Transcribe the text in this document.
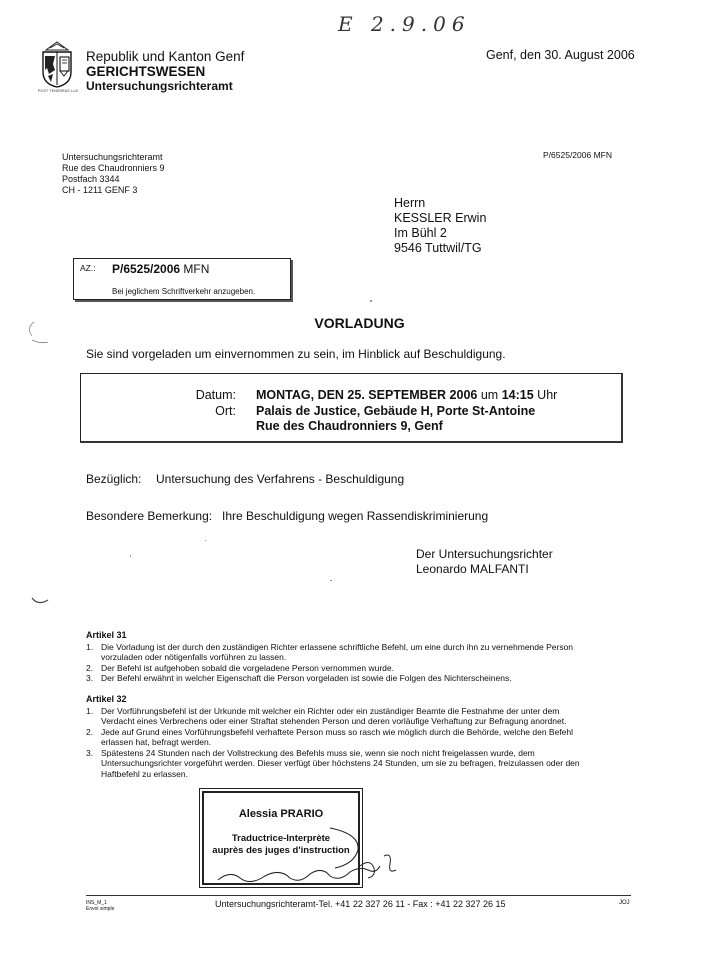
E 2.9.06
POST TENEBRAS LUX
Republik und Kanton Genf
GERICHTSWESEN
Untersuchungsrichteramt
Genf, den 30. August 2006
Untersuchungsrichteramt
Rue des Chaudronniers 9
Postfach 3344
CH - 1211 GENF 3
P/6525/2006 MFN
Herrn
KESSLER Erwin
Im Bühl 2
9546 Tuttwil/TG
AZ.: P/6525/2006 MFN
Bei jeglichem Schriftverkehr anzugeben.
VORLADUNG
Sie sind vorgeladen um einvernommen zu sein, im Hinblick auf Beschuldigung.
Datum:
Ort:
MONTAG, DEN 25. SEPTEMBER 2006 um 14:15 Uhr
Palais de Justice, Gebäude H, Porte St-Antoine
Rue des Chaudronniers 9, Genf
Bezüglich: Untersuchung des Verfahrens - Beschuldigung
Besondere Bemerkung: Ihre Beschuldigung wegen Rassendiskriminierung
Der Untersuchungsrichter
Leonardo MALFANTI
Artikel 31
1. Die Vorladung ist der durch den zuständigen Richter erlassene schriftliche Befehl, um eine durch ihn zu vernehmende Person
vorzuladen oder nötigenfalls vorführen zu lassen.
2. Der Befehl ist aufgehoben sobald die vorgeladene Person vernommen wurde.
3. Der Befehl erwähnt in welcher Eigenschaft die Person vorgeladen ist sowie die Folgen des Nichterscheinens.
Artikel 32
1. Der Vorführungsbefehl ist der Urkunde mit welcher ein Richter oder ein zuständiger Beamte die Festnahme der unter dem
Verdacht eines Verbrechens oder einer Straftat stehenden Person und deren vorläufige Verhaftung zur Befragung anordnet.
2. Jede auf Grund eines Vorführungsbefehl verhaftete Person muss so rasch wie möglich durch die Behörde, welche den Befehl
erlassen hat, befragt werden.
3. Spätestens 24 Stunden nach der Vollstreckung des Befehls muss sie, wenn sie noch nicht freigelassen wurde, dem
Untersuchungsrichter vorgeführt werden. Dieser verfügt über höchstens 24 Stunden, um sie zu befragen, freizulassen oder den
Haftbefehl zu erlassen.
Alessia PRARIO
Traductrice-Interprète
auprès des juges d'instruction
INS_M_1
Envoi simple	Untersuchungsrichteramt-Tel. +41 22 327 26 11 - Fax : +41 22 327 26 15	JOJ
